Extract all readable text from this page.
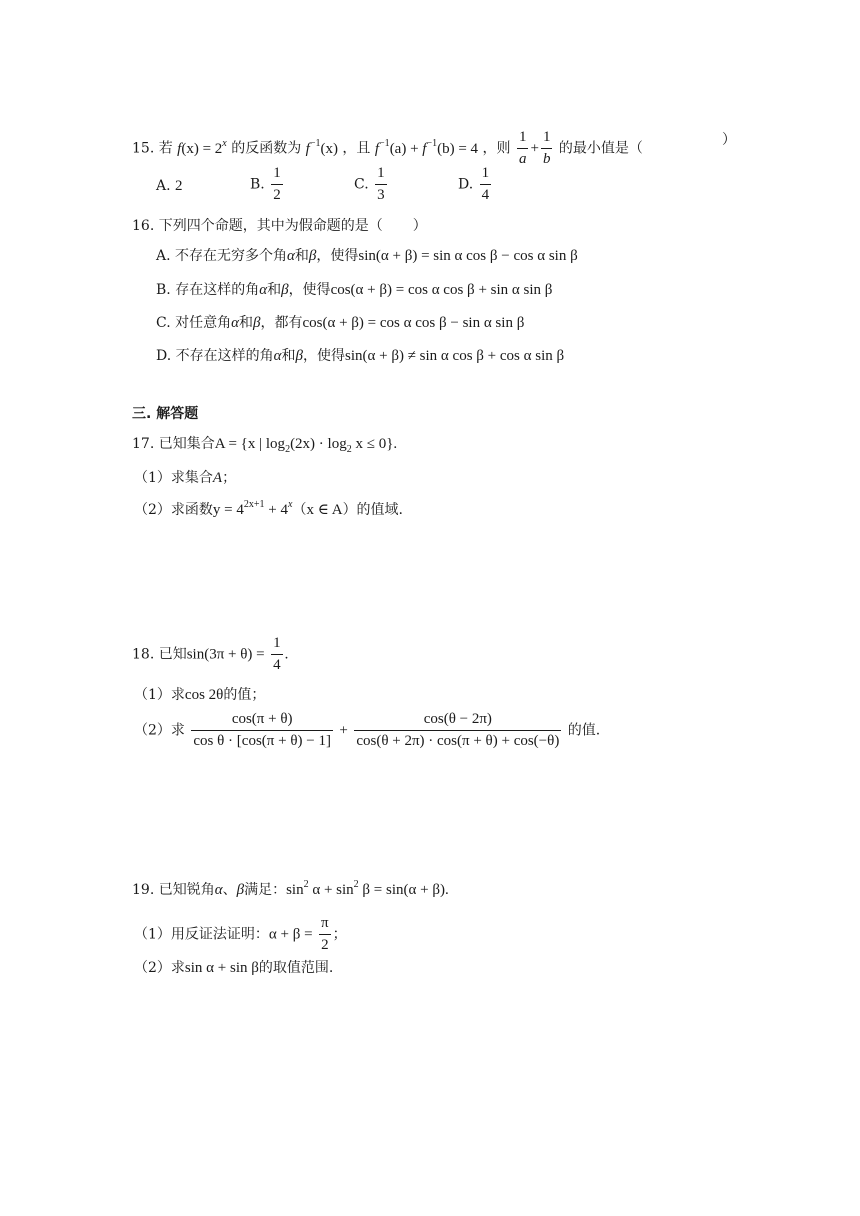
15. 若 $f(x) = 2^x$ 的反函数为 $f^{-1}(x)$ ，且 $f^{-1}(a) + f^{-1}(b) = 4$ ，则 $\frac{1}{a} + \frac{1}{b}$ 的最小值是（
）
A. 2	B. $\frac{1}{2}$	C. $\frac{1}{3}$	D. $\frac{1}{4}$
16. 下列四个命题，其中为假命题的是（ ）
A. 不存在无穷多个角α和β，使得sin(α + β) = sin α cos β − cos α sin β
B. 存在这样的角α和β，使得cos(α + β) = cos α cos β + sin α sin β
C. 对任意角α和β，都有cos(α + β) = cos α cos β − sin α sin β
D. 不存在这样的角α和β，使得sin(α + β) ≠ sin α cos β + cos α sin β
三. 解答题
17. 已知集合A = {x | $\log_2(2x) \cdot \log_2 x \le 0$}.
（1）求集合A；
（2）求函数$y = 4^{2x+1} + 4^x(x$ ∈ A）的值域.
18. 已知$\sin(3\pi + \theta) = \frac{1}{4}$ .
（1）求cos 2θ的值；
（2）求 $\frac{\cos(\pi + \theta)}{\text{cos θ · [cos(π + θ) − 1]}} + \frac{\cos(\theta - 2\pi)}{\cos(\theta + 2\pi) \cdot \cos(\pi + \theta) + \cos(-\theta)}$ 的值.
19. 已知锐角α、β满足：$\sin^2 \alpha + \sin^2 \beta = \sin(\alpha + \beta)$.
（1）用反证法证明：$\alpha + \beta = \frac{\pi}{2}$ ；
（2）求sin α + sin β的取值范围.
